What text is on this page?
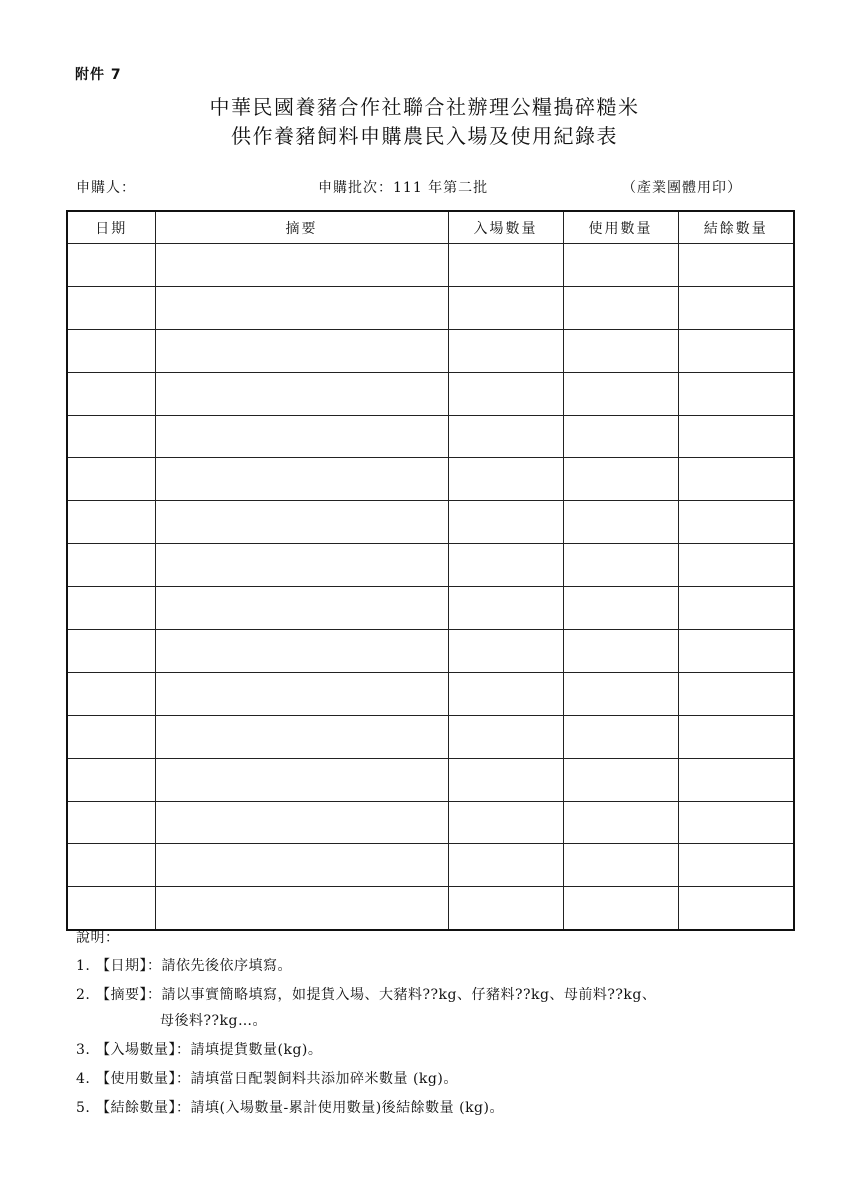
附件 7
中華民國養豬合作社聯合社辦理公糧搗碎糙米
供作養豬飼料申購農民入場及使用紀錄表
申購人：	申購批次：111 年第二批	（產業團體用印）
日期	摘要	入場數量	使用數量	結餘數量

說明：
1. 【日期】：請依先後依序填寫。
2. 【摘要】：請以事實簡略填寫，如提貨入場、大豬料??kg、仔豬料??kg、母前料??kg、
母後料??kg…。
3. 【入場數量】：請填提貨數量(kg)。
4. 【使用數量】：請填當日配製飼料共添加碎米數量 (kg)。
5. 【結餘數量】：請填(入場數量-累計使用數量)後結餘數量 (kg)。
